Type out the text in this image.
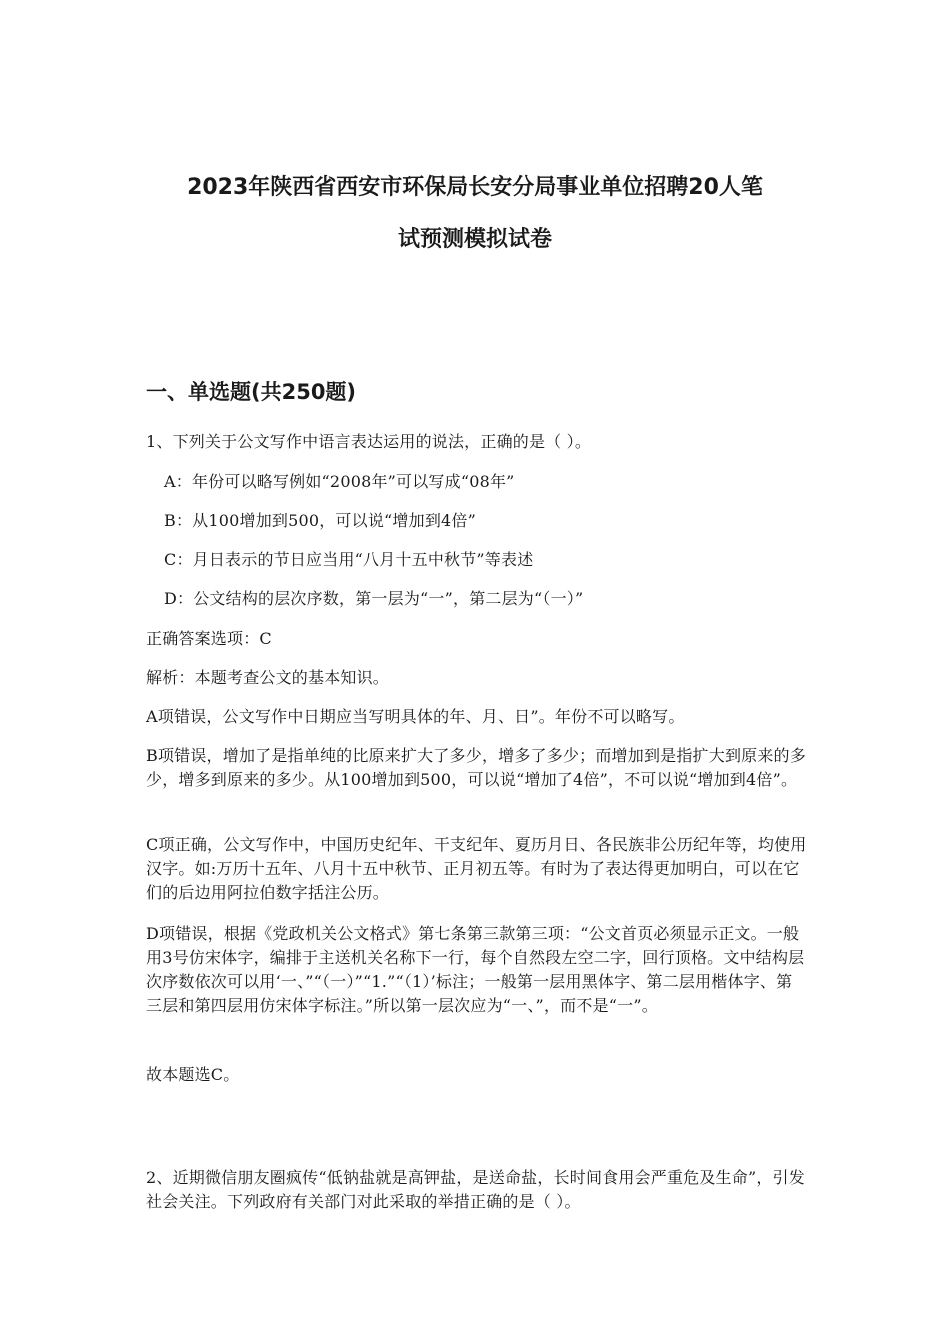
2023年陕西省西安市环保局长安分局事业单位招聘20人笔
试预测模拟试卷
一、单选题(共250题)

1、下列关于公文写作中语言表达运用的说法，正确的是（ ）。

A：年份可以略写例如“2008年”可以写成“08年”

B：从100增加到500，可以说“增加到4倍”

C：月日表示的节日应当用“八月十五中秋节”等表述

D：公文结构的层次序数，第一层为“一”，第二层为“（一）”

正确答案选项：C

解析：本题考查公文的基本知识。

A项错误，公文写作中日期应当写明具体的年、月、日”。年份不可以略写。

B项错误，增加了是指单纯的比原来扩大了多少，增多了多少；而增加到是指扩大到原来的多少，增多到原来的多少。从100增加到500，可以说“增加了4倍”，不可以说“增加到4倍”。

C项正确，公文写作中，中国历史纪年、干支纪年、夏历月日、各民族非公历纪年等，均使用汉字。如:万历十五年、八月十五中秋节、正月初五等。有时为了表达得更加明白，可以在它们的后边用阿拉伯数字括注公历。

D项错误，根据《党政机关公文格式》第七条第三款第三项：“公文首页必须显示正文。一般用3号仿宋体字，编排于主送机关名称下一行，每个自然段左空二字，回行顶格。文中结构层次序数依次可以用‘一、”“（一）”“1.”“（1）’标注；一般第一层用黑体字、第二层用楷体字、第三层和第四层用仿宋体字标注。”所以第一层次应为“一、”，而不是“一”。

故本题选C。

2、近期微信朋友圈疯传“低钠盐就是高钾盐，是送命盐，长时间食用会严重危及生命”，引发社会关注。下列政府有关部门对此采取的举措正确的是（ ）。
